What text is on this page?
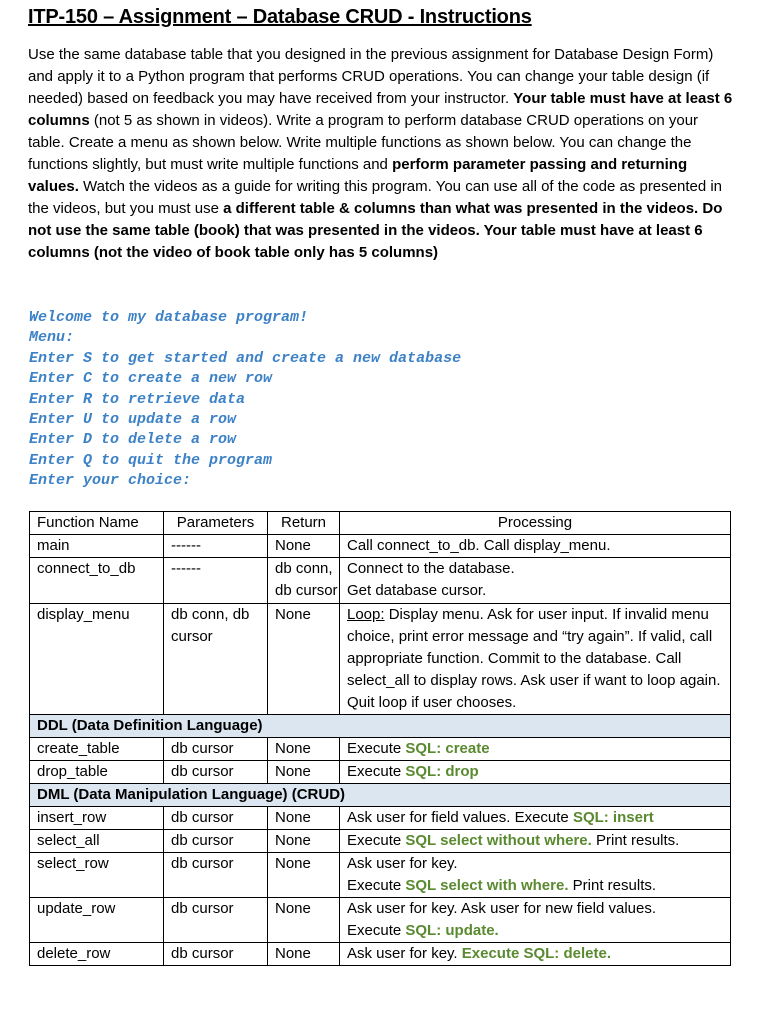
ITP-150 – Assignment – Database CRUD - Instructions
Use the same database table that you designed in the previous assignment for Database Design Form) and apply it to a Python program that performs CRUD operations. You can change your table design (if needed) based on feedback you may have received from your instructor. Your table must have at least 6 columns (not 5 as shown in videos). Write a program to perform database CRUD operations on your table. Create a menu as shown below. Write multiple functions as shown below. You can change the functions slightly, but must write multiple functions and perform parameter passing and returning values. Watch the videos as a guide for writing this program. You can use all of the code as presented in the videos, but you must use a different table & columns than what was presented in the videos. Do not use the same table (book) that was presented in the videos. Your table must have at least 6 columns (not the video of book table only has 5 columns)
Welcome to my database program!
Menu:
Enter S to get started and create a new database
Enter C to create a new row
Enter R to retrieve data
Enter U to update a row
Enter D to delete a row
Enter Q to quit the program
Enter your choice:
Function Name	Parameters	Return	Processing
main	------	None	Call connect_to_db. Call display_menu.
connect_to_db	------	db conn, db cursor	Connect to the database.
Get database cursor.

display_menu	db conn, db cursor	None	Loop: Display menu. Ask for user input. If invalid menu choice, print error message and “try again”. If valid, call appropriate function. Commit to the database. Call select_all to display rows. Ask user if want to loop again. Quit loop if user chooses.
DDL (Data Definition Language)			
create_table	db cursor	None	Execute SQL: create
drop_table	db cursor	None	Execute SQL: drop
DML (Data Manipulation Language) (CRUD)			
insert_row	db cursor	None	Ask user for field values. Execute SQL: insert
select_all	db cursor	None	Execute SQL select without where. Print results.
select_row	db cursor	None	Ask user for key.
Execute SQL select with where. Print results.

update_row	db cursor	None	Ask user for key. Ask user for new field values.
Execute SQL: update.

delete_row	db cursor	None	Ask user for key. Execute SQL: delete.
